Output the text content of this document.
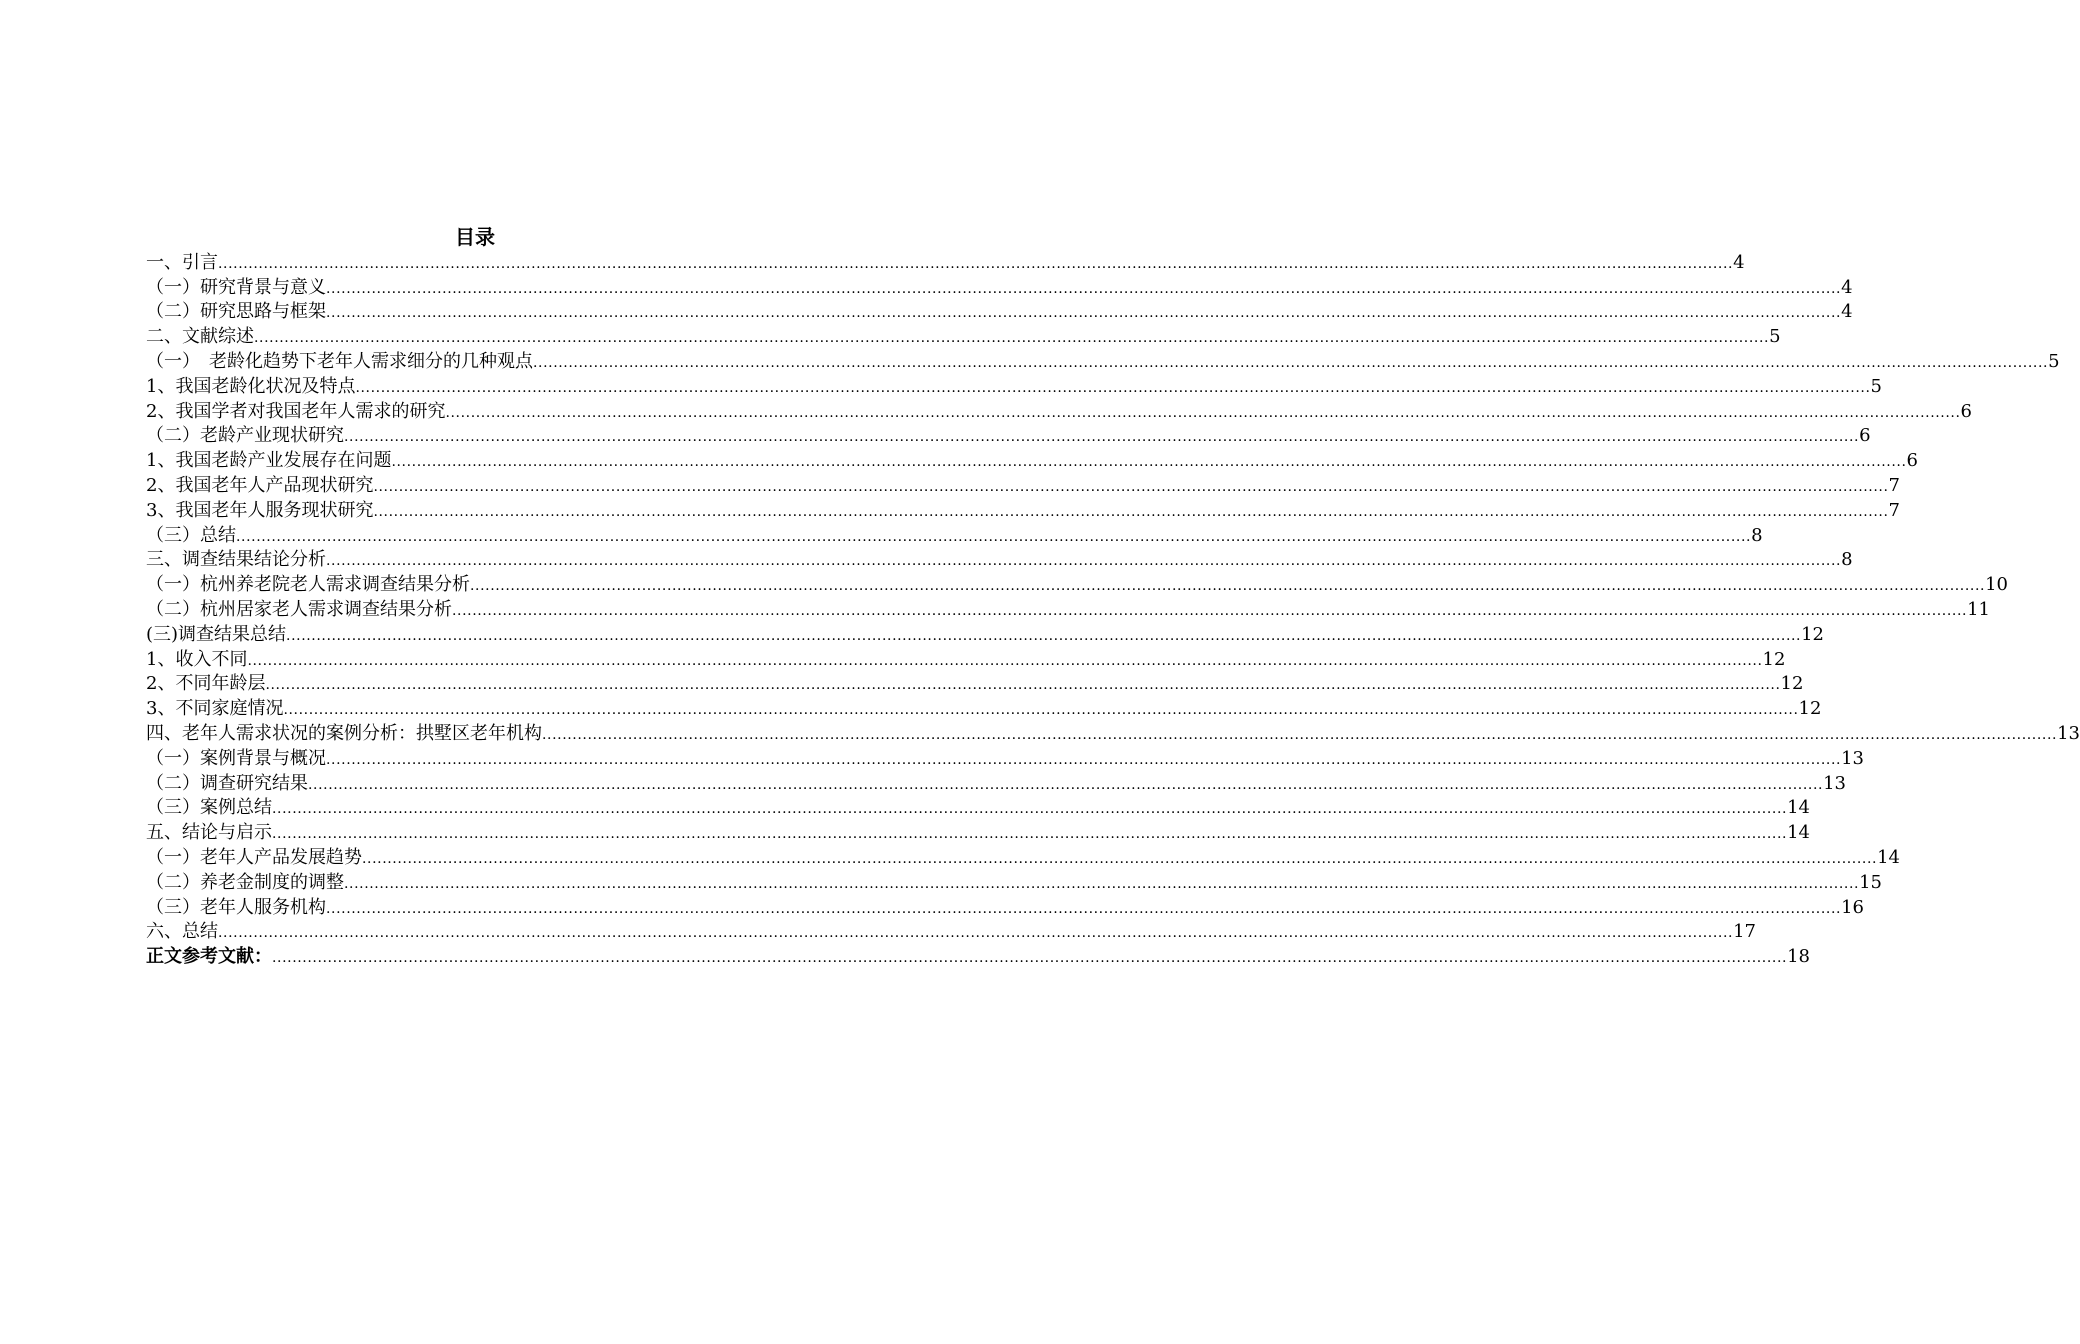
目录
一、引言 ............................................................................................................................................................................................................................................................................................................ 4
（一）研究背景与意义 ............................................................................................................................................................................................................................................................................................................ 4
（二）研究思路与框架 ............................................................................................................................................................................................................................................................................................................ 4
二、文献综述 ............................................................................................................................................................................................................................................................................................................ 5
（一）　老龄化趋势下老年人需求细分的几种观点 ............................................................................................................................................................................................................................................................................................................ 5
1、我国老龄化状况及特点 ............................................................................................................................................................................................................................................................................................................ 5
2、我国学者对我国老年人需求的研究 ............................................................................................................................................................................................................................................................................................................ 6
（二）老龄产业现状研究 ............................................................................................................................................................................................................................................................................................................ 6
1、我国老龄产业发展存在问题 ............................................................................................................................................................................................................................................................................................................ 6
2、我国老年人产品现状研究 ............................................................................................................................................................................................................................................................................................................ 7
3、我国老年人服务现状研究 ............................................................................................................................................................................................................................................................................................................ 7
（三）总结 ............................................................................................................................................................................................................................................................................................................ 8
三、调查结果结论分析 ............................................................................................................................................................................................................................................................................................................ 8
（一）杭州养老院老人需求调查结果分析 ............................................................................................................................................................................................................................................................................................................ 10
（二）杭州居家老人需求调查结果分析 ............................................................................................................................................................................................................................................................................................................ 11
(三)调查结果总结 ............................................................................................................................................................................................................................................................................................................ 12
1、收入不同 ............................................................................................................................................................................................................................................................................................................ 12
2、不同年龄层 ............................................................................................................................................................................................................................................................................................................ 12
3、不同家庭情况 ............................................................................................................................................................................................................................................................................................................ 12
四、老年人需求状况的案例分析：拱墅区老年机构 ............................................................................................................................................................................................................................................................................................................ 13
（一）案例背景与概况 ............................................................................................................................................................................................................................................................................................................ 13
（二）调查研究结果 ............................................................................................................................................................................................................................................................................................................ 13
（三）案例总结 ............................................................................................................................................................................................................................................................................................................ 14
五、结论与启示 ............................................................................................................................................................................................................................................................................................................ 14
（一）老年人产品发展趋势 ............................................................................................................................................................................................................................................................................................................ 14
（二）养老金制度的调整 ............................................................................................................................................................................................................................................................................................................ 15
（三）老年人服务机构 ............................................................................................................................................................................................................................................................................................................ 16
六、总结 ............................................................................................................................................................................................................................................................................................................ 17
正文参考文献： ............................................................................................................................................................................................................................................................................................................ 18
